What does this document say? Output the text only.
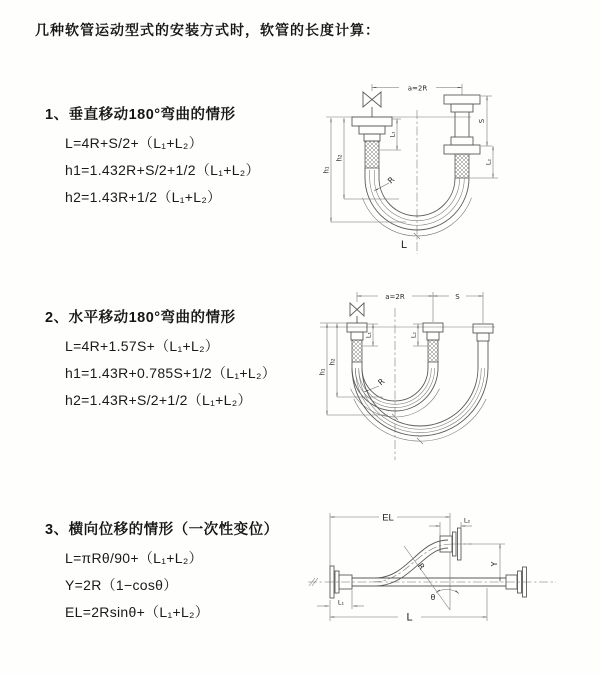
几种软管运动型式的安装方式时，软管的长度计算：
1、垂直移动180°弯曲的情形
L=4R+S/2+（L₁+L₂）
h1=1.432R+S/2+1/2（L₁+L₂）
h2=1.43R+1/2（L₁+L₂）
2、水平移动180°弯曲的情形
L=4R+1.57S+（L₁+L₂）
h1=1.43R+0.785S+1/2（L₁+L₂）
h2=1.43R+S/2+1/2（L₁+L₂）
3、横向位移的情形（一次性变位）
L=πRθ/90+（L₁+L₂）
Y=2R（1−cosθ）
EL=2Rsinθ+（L₁+L₂）
a=2R
L₁
h₂
h₁
S
L₂
R
L
a=2R	S
h₁
h₂
L₁	L₂
R
EL	L₂
Y
R
θ
L
L₁
